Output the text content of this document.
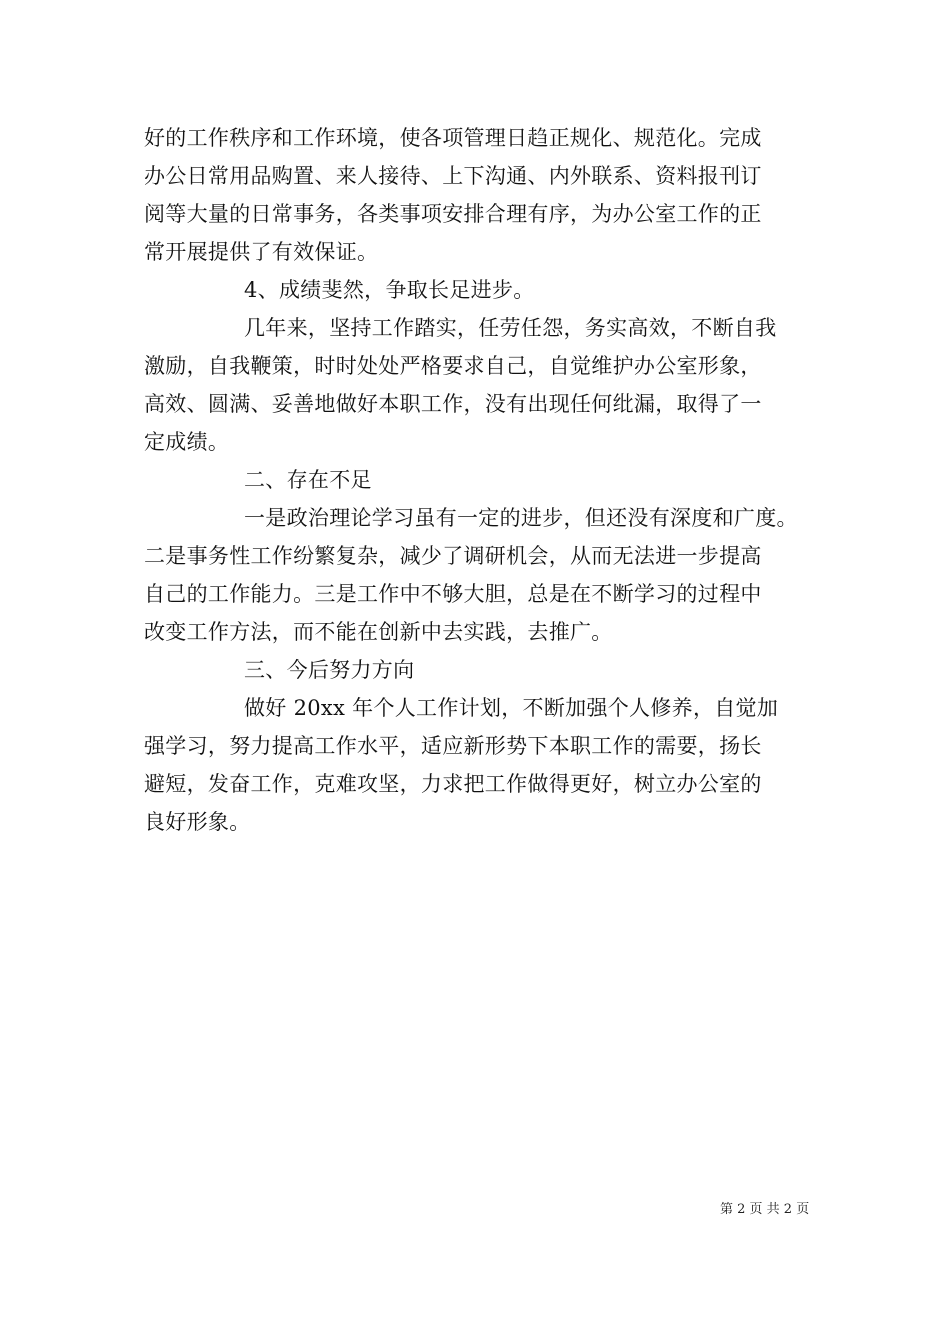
好的工作秩序和工作环境，使各项管理日趋正规化、规范化。完成
办公日常用品购置、来人接待、上下沟通、内外联系、资料报刊订
阅等大量的日常事务，各类事项安排合理有序，为办公室工作的正
常开展提供了有效保证。
4、成绩斐然，争取长足进步。
几年来，坚持工作踏实，任劳任怨，务实高效，不断自我
激励，自我鞭策，时时处处严格要求自己，自觉维护办公室形象，
高效、圆满、妥善地做好本职工作，没有出现任何纰漏，取得了一
定成绩。
二、存在不足
一是政治理论学习虽有一定的进步，但还没有深度和广度。
二是事务性工作纷繁复杂，减少了调研机会，从而无法进一步提高
自己的工作能力。三是工作中不够大胆，总是在不断学习的过程中
改变工作方法，而不能在创新中去实践，去推广。
三、今后努力方向
做好 20xx 年个人工作计划，不断加强个人修养，自觉加
强学习，努力提高工作水平，适应新形势下本职工作的需要，扬长
避短，发奋工作，克难攻坚，力求把工作做得更好，树立办公室的
良好形象。
第 2 页 共 2 页
